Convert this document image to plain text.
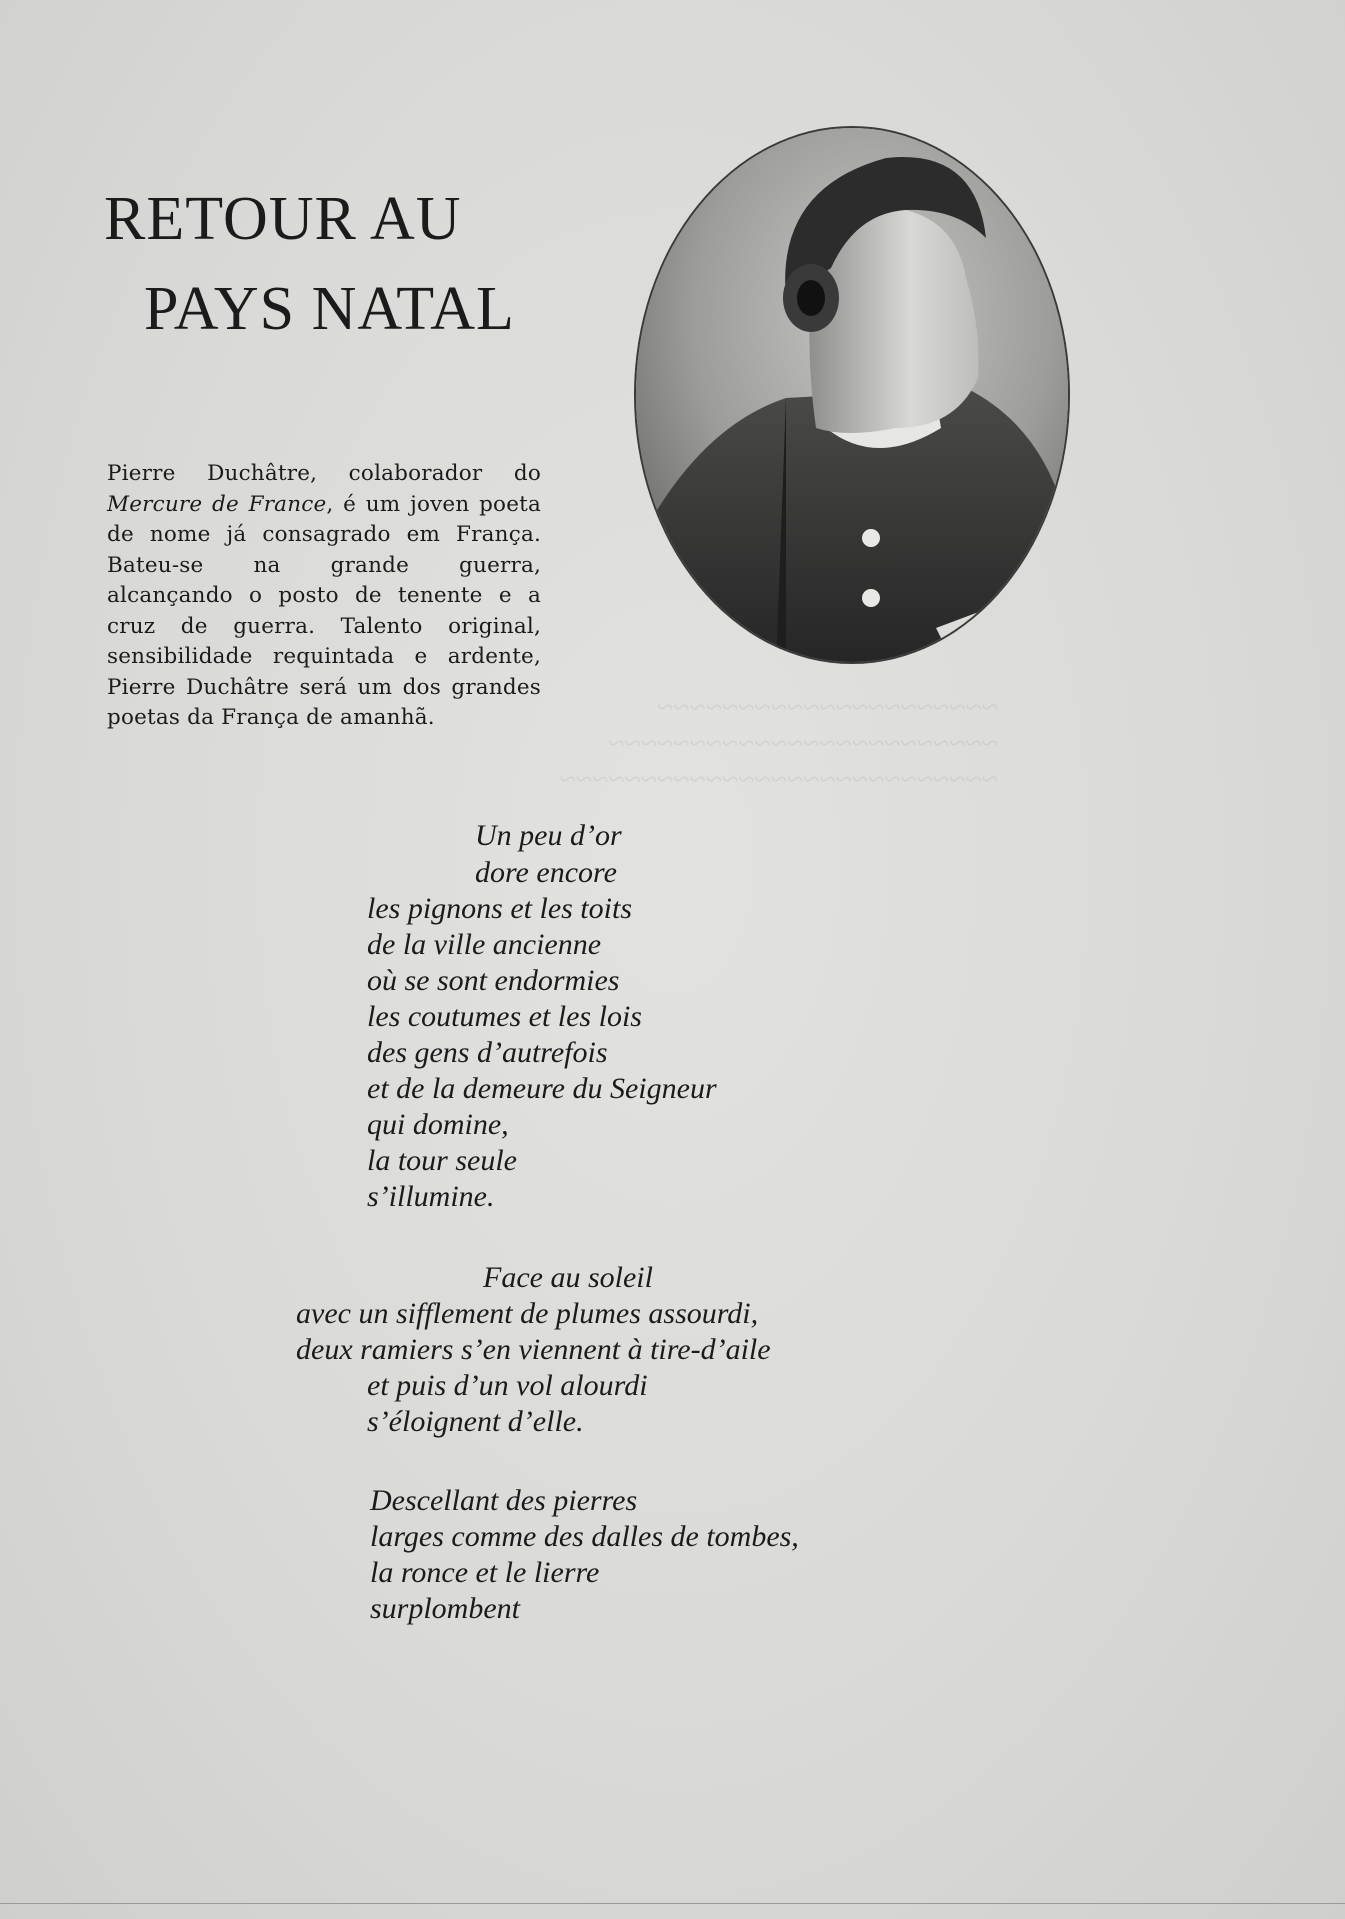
~~~~~~~~~~~~~~~~~~~~~
~~~~~~~~~~~~~~~~~~~~~~~~
~~~~~~~~~~~~~~~~~~~~~~~~~~~
RETOUR AU
PAYS NATAL

Pierre Duchâtre, colaborador do Mercure de France, é um joven poeta de nome já consagrado em França. Bateu-se na grande guerra, alcançando o posto de tenente e a cruz de guerra. Talento original, sensibilidade requintada e ardente, Pierre Duchâtre será um dos grandes poetas da França de amanhã.

Un peu d’or
dore encore
les pignons et les toits
de la ville ancienne
où se sont endormies
les coutumes et les lois
des gens d’autrefois
et de la demeure du Seigneur
qui domine,
la tour seule
s’illumine.
Face au soleil
avec un sifflement de plumes assourdi,
deux ramiers s’en viennent à tire-d’aile
et puis d’un vol alourdi
s’éloignent d’elle.
Descellant des pierres
larges comme des dalles de tombes,
la ronce et le lierre
surplombent
